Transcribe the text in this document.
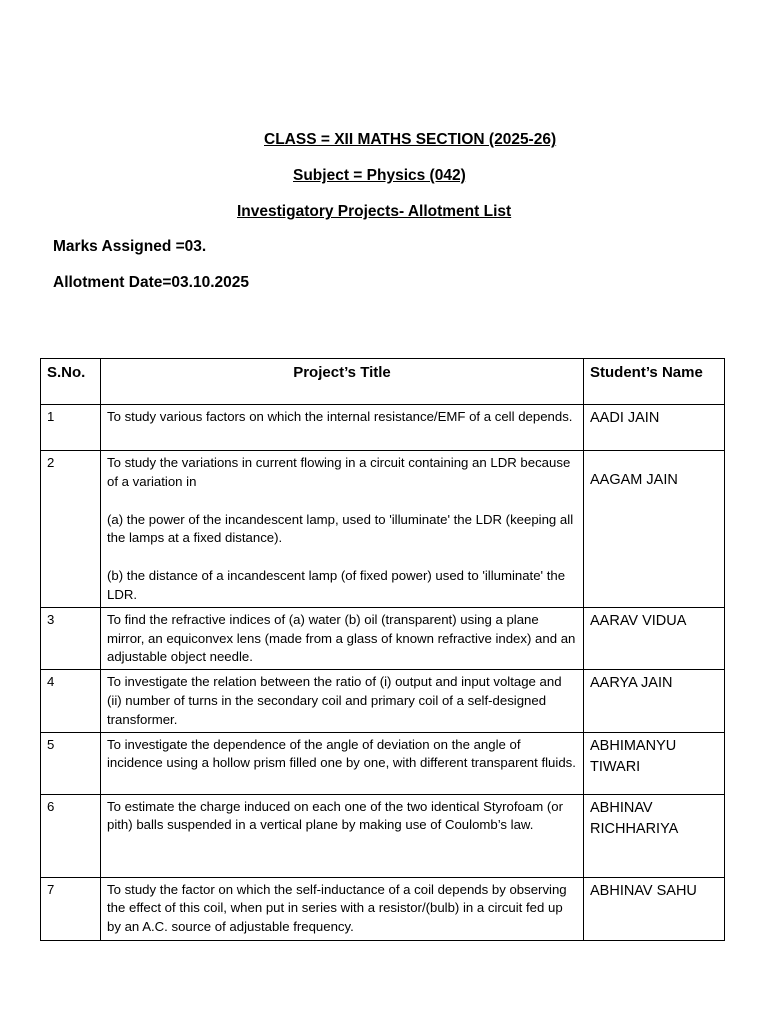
CLASS = XII MATHS SECTION (2025-26)
Subject = Physics (042)
Investigatory Projects- Allotment List
Marks Assigned =03.
Allotment Date=03.10.2025
S.No.	Project’s Title	Student’s Name
1	To study various factors on which the internal resistance/EMF of a cell depends.	AADI JAIN
2	To study the variations in current flowing in a circuit containing an LDR because of a variation in
(a) the power of the incandescent lamp, used to 'illuminate' the LDR (keeping all the lamps at a fixed distance).
(b) the distance of a incandescent lamp (of fixed power) used to 'illuminate' the LDR.	AAGAM JAIN
3	To find the refractive indices of (a) water (b) oil (transparent) using a plane mirror, an equiconvex lens (made from a glass of known refractive index) and an adjustable object needle.	AARAV VIDUA
4	To investigate the relation between the ratio of (i) output and input voltage and (ii) number of turns in the secondary coil and primary coil of a self-designed transformer.	AARYA JAIN
5	To investigate the dependence of the angle of deviation on the angle of incidence using a hollow prism filled one by one, with different transparent fluids.	ABHIMANYU TIWARI
6	To estimate the charge induced on each one of the two identical Styrofoam (or pith) balls suspended in a vertical plane by making use of Coulomb’s law.	ABHINAV RICHHARIYA
7	To study the factor on which the self-inductance of a coil depends by observing the effect of this coil, when put in series with a resistor/(bulb) in a circuit fed up by an A.C. source of adjustable frequency.	ABHINAV SAHU
